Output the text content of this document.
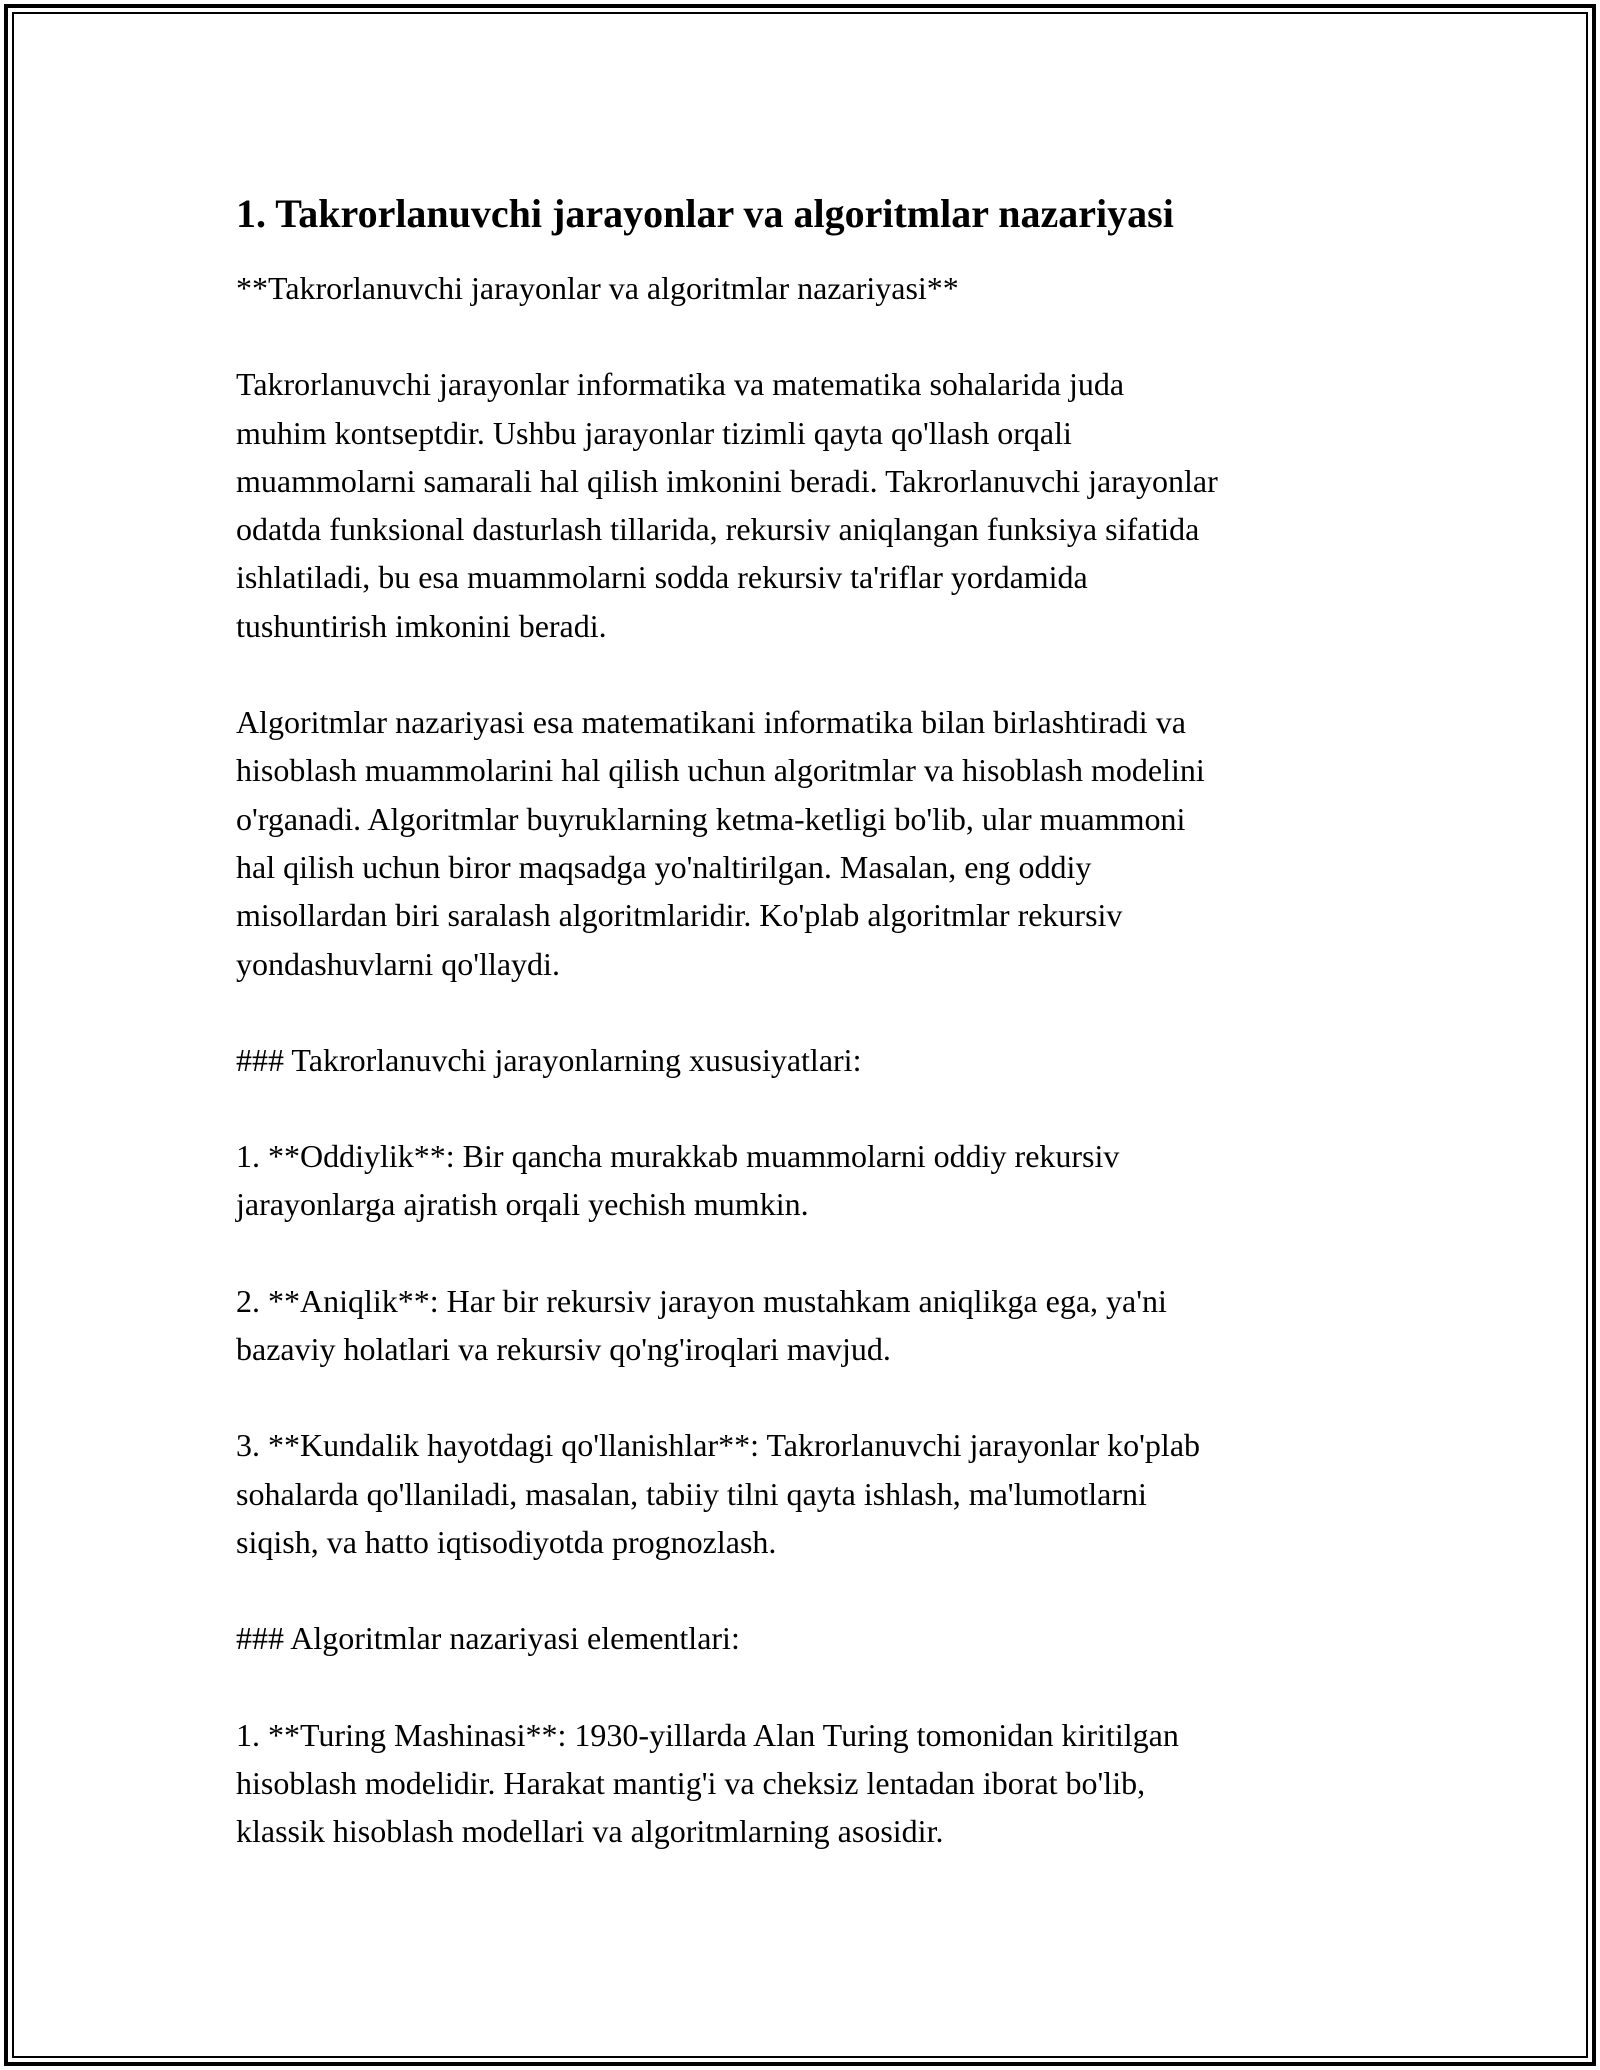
1. Takrorlanuvchi jarayonlar va algoritmlar nazariyasi

**Takrorlanuvchi jarayonlar va algoritmlar nazariyasi**

Takrorlanuvchi jarayonlar informatika va matematika sohalarida juda
muhim kontseptdir. Ushbu jarayonlar tizimli qayta qo'llash orqali
muammolarni samarali hal qilish imkonini beradi. Takrorlanuvchi jarayonlar
odatda funksional dasturlash tillarida, rekursiv aniqlangan funksiya sifatida
ishlatiladi, bu esa muammolarni sodda rekursiv ta'riflar yordamida
tushuntirish imkonini beradi.

Algoritmlar nazariyasi esa matematikani informatika bilan birlashtiradi va
hisoblash muammolarini hal qilish uchun algoritmlar va hisoblash modelini
o'rganadi. Algoritmlar buyruklarning ketma-ketligi bo'lib, ular muammoni
hal qilish uchun biror maqsadga yo'naltirilgan. Masalan, eng oddiy
misollardan biri saralash algoritmlaridir. Ko'plab algoritmlar rekursiv
yondashuvlarni qo'llaydi.

### Takrorlanuvchi jarayonlarning xususiyatlari:

1. **Oddiylik**: Bir qancha murakkab muammolarni oddiy rekursiv
jarayonlarga ajratish orqali yechish mumkin.

2. **Aniqlik**: Har bir rekursiv jarayon mustahkam aniqlikga ega, ya'ni
bazaviy holatlari va rekursiv qo'ng'iroqlari mavjud.

3. **Kundalik hayotdagi qo'llanishlar**: Takrorlanuvchi jarayonlar ko'plab
sohalarda qo'llaniladi, masalan, tabiiy tilni qayta ishlash, ma'lumotlarni
siqish, va hatto iqtisodiyotda prognozlash.

### Algoritmlar nazariyasi elementlari:

1. **Turing Mashinasi**: 1930-yillarda Alan Turing tomonidan kiritilgan
hisoblash modelidir. Harakat mantig'i va cheksiz lentadan iborat bo'lib,
klassik hisoblash modellari va algoritmlarning asosidir.
